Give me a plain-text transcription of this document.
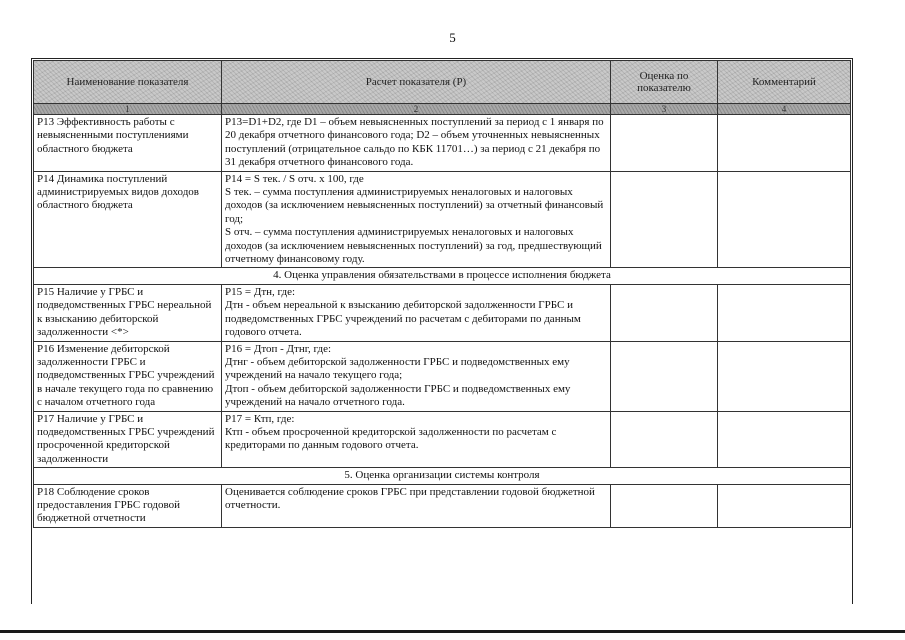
5
Наименование показателя	Расчет показателя (P)	Оценка по показателю	Комментарий
1	2	3	4
Р13 Эффективность работы с невыясненными поступлениями областного бюджета	Р13=D1+D2, где D1 – объем невыясненных поступлений за период с 1 января по 20 декабря отчетного финансового года; D2 – объем уточненных невыясненных поступлений (отрицательное сальдо по КБК 11701…) за период с 21 декабря по 31 декабря отчетного финансового года.		
Р14 Динамика поступлений администрируемых видов доходов областного бюджета	Р14 = S тек. / S отч. х 100, где
S тек. – сумма поступления администрируемых неналоговых и налоговых доходов (за исключением невыясненных поступлений) за отчетный финансовый год;
S отч. – сумма поступления администрируемых неналоговых и налоговых доходов (за исключением невыясненных поступлений) за год, предшествующий отчетному финансовому году.		

4. Оценка управления обязательствами в процессе исполнения бюджета			
Р15 Наличие у ГРБС и подведомственных ГРБС нереальной к взысканию дебиторской задолженности <*>	Р15 = Дтн, где:
Дтн - объем нереальной к взысканию дебиторской задолженности ГРБС и подведомственных ГРБС учреждений по расчетам с дебиторами по данным годового отчета.		

Р16 Изменение дебиторской задолженности ГРБС и подведомственных ГРБС учреждений в начале текущего года по сравнению с началом отчетного года	Р16 = Дтоп - Дтнг, где:
Дтнг - объем дебиторской задолженности ГРБС и подведомственных ему учреждений на начало текущего года;
Дтоп - объем дебиторской задолженности ГРБС и подведомственных ему учреждений на начало отчетного года.		

Р17 Наличие у ГРБС и подведомственных ГРБС учреждений просроченной кредиторской задолженности	Р17 = Ктп, где:
Ктп - объем просроченной кредиторской задолженности по расчетам с кредиторами по данным годового отчета.		

5. Оценка организации системы контроля			
Р18 Соблюдение сроков предоставления ГРБС годовой бюджетной отчетности	Оценивается соблюдение сроков ГРБС при представлении годовой бюджетной отчетности.		
